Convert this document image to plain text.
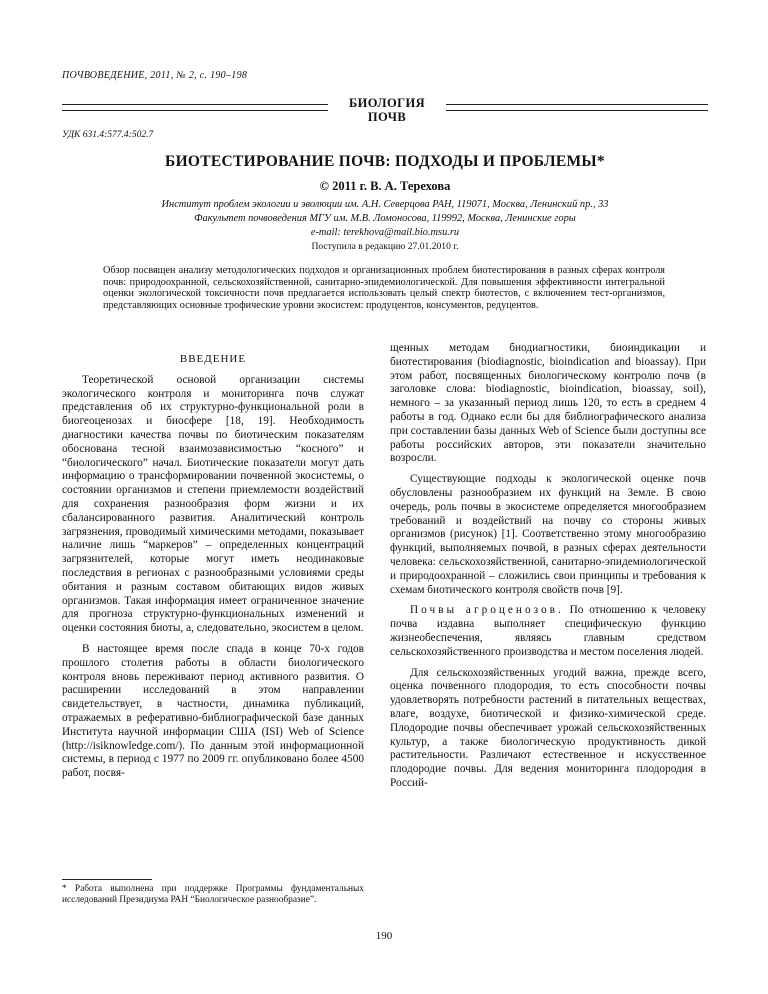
ПОЧВОВЕДЕНИЕ, 2011, № 2, с. 190–198
БИОЛОГИЯ
ПОЧВ
УДК 631.4:577.4:502.7
БИОТЕСТИРОВАНИЕ ПОЧВ: ПОДХОДЫ И ПРОБЛЕМЫ*
© 2011 г. В. А. Терехова
Институт проблем экологии и эволюции им. А.Н. Северцова РАН, 119071, Москва, Ленинский пр., 33
Факультет почвоведения МГУ им. М.В. Ломоносова, 119992, Москва, Ленинские горы
e-mail: terekhova@mail.bio.msu.ru
Поступила в редакцию 27.01.2010 г.
Обзор посвящен анализу методологических подходов и организационных проблем биотестирования в разных сферах контроля почв: природоохранной, сельскохозяйственной, санитарно-эпидемиологической. Для повышения эффективности интегральной оценки экологической токсичности почв предлагается использовать целый спектр биотестов, с включением тест-организмов, представляющих основные трофические уровни экосистем: продуцентов, консументов, редуцентов.

ВВЕДЕНИЕ

Теоретической основой организации системы экологического контроля и мониторинга почв служат представления об их структурно-функциональной роли в биогеоценозах и биосфере [18, 19]. Необходимость диагностики качества почвы по биотическим показателям обоснована тесной взаимозависимостью “косного” и “биологического” начал. Биотические показатели могут дать информацию о трансформировании почвенной экосистемы, о состоянии организмов и степени приемлемости воздействий для сохранения разнообразия форм жизни и их сбалансированного развития. Аналитический контроль загрязнения, проводимый химическими методами, показывает наличие лишь “маркеров” – определенных концентраций загрязнителей, которые могут иметь неодинаковые последствия в регионах с разнообразными условиями среды обитания и разным составом обитающих видов живых организмов. Такая информация имеет ограниченное значение для прогноза структурно-функциональных изменений и оценки состояния биоты, а, следовательно, экосистем в целом.

В настоящее время после спада в конце 70-х годов прошлого столетия работы в области биологического контроля вновь переживают период активного развития. О расширении исследований в этом направлении свидетельствует, в частности, динамика публикаций, отражаемых в реферативно-библиографической базе данных Института научной информации США (ISI) Web of Science (http://isiknowledge.com/). По данным этой информационной системы, в период с 1977 по 2009 гг. опубликовано более 4500 работ, посвя-

* Работа выполнена при поддержке Программы фундаментальных исследований Президиума РАН “Биологическое разнообразие”.

щенных методам биодиагностики, биоиндикации и биотестирования (biodiagnostic, bioindication and bioassay). При этом работ, посвященных биологическому контролю почв (в заголовке слова: biodiagnostic, bioindication, bioassay, soil), немного – за указанный период лишь 120, то есть в среднем 4 работы в год. Однако если бы для библиографического анализа при составлении базы данных Web of Science были доступны все работы российских авторов, эти показатели значительно возросли.

Существующие подходы к экологической оценке почв обусловлены разнообразием их функций на Земле. В свою очередь, роль почвы в экосистеме определяется многообразием требований и воздействий на почву со стороны живых организмов (рисунок) [1]. Соответственно этому многообразию функций, выполняемых почвой, в разных сферах деятельности человека: сельскохозяйственной, санитарно-эпидемиологической и природоохранной – сложились свои принципы и требования к схемам биотического контроля свойств почв [9].

Почвы агроценозов. По отношению к человеку почва издавна выполняет специфическую функцию жизнеобеспечения, являясь главным средством сельскохозяйственного производства и местом поселения людей.

Для сельскохозяйственных угодий важна, прежде всего, оценка почвенного плодородия, то есть способности почвы удовлетворять потребности растений в питательных веществах, влаге, воздухе, биотической и физико-химической среде. Плодородие почвы обеспечивает урожай сельскохозяйственных культур, а также биологическую продуктивность дикой растительности. Различают естественное и искусственное плодородие почвы. Для ведения мониторинга плодородия в Россий-

190
